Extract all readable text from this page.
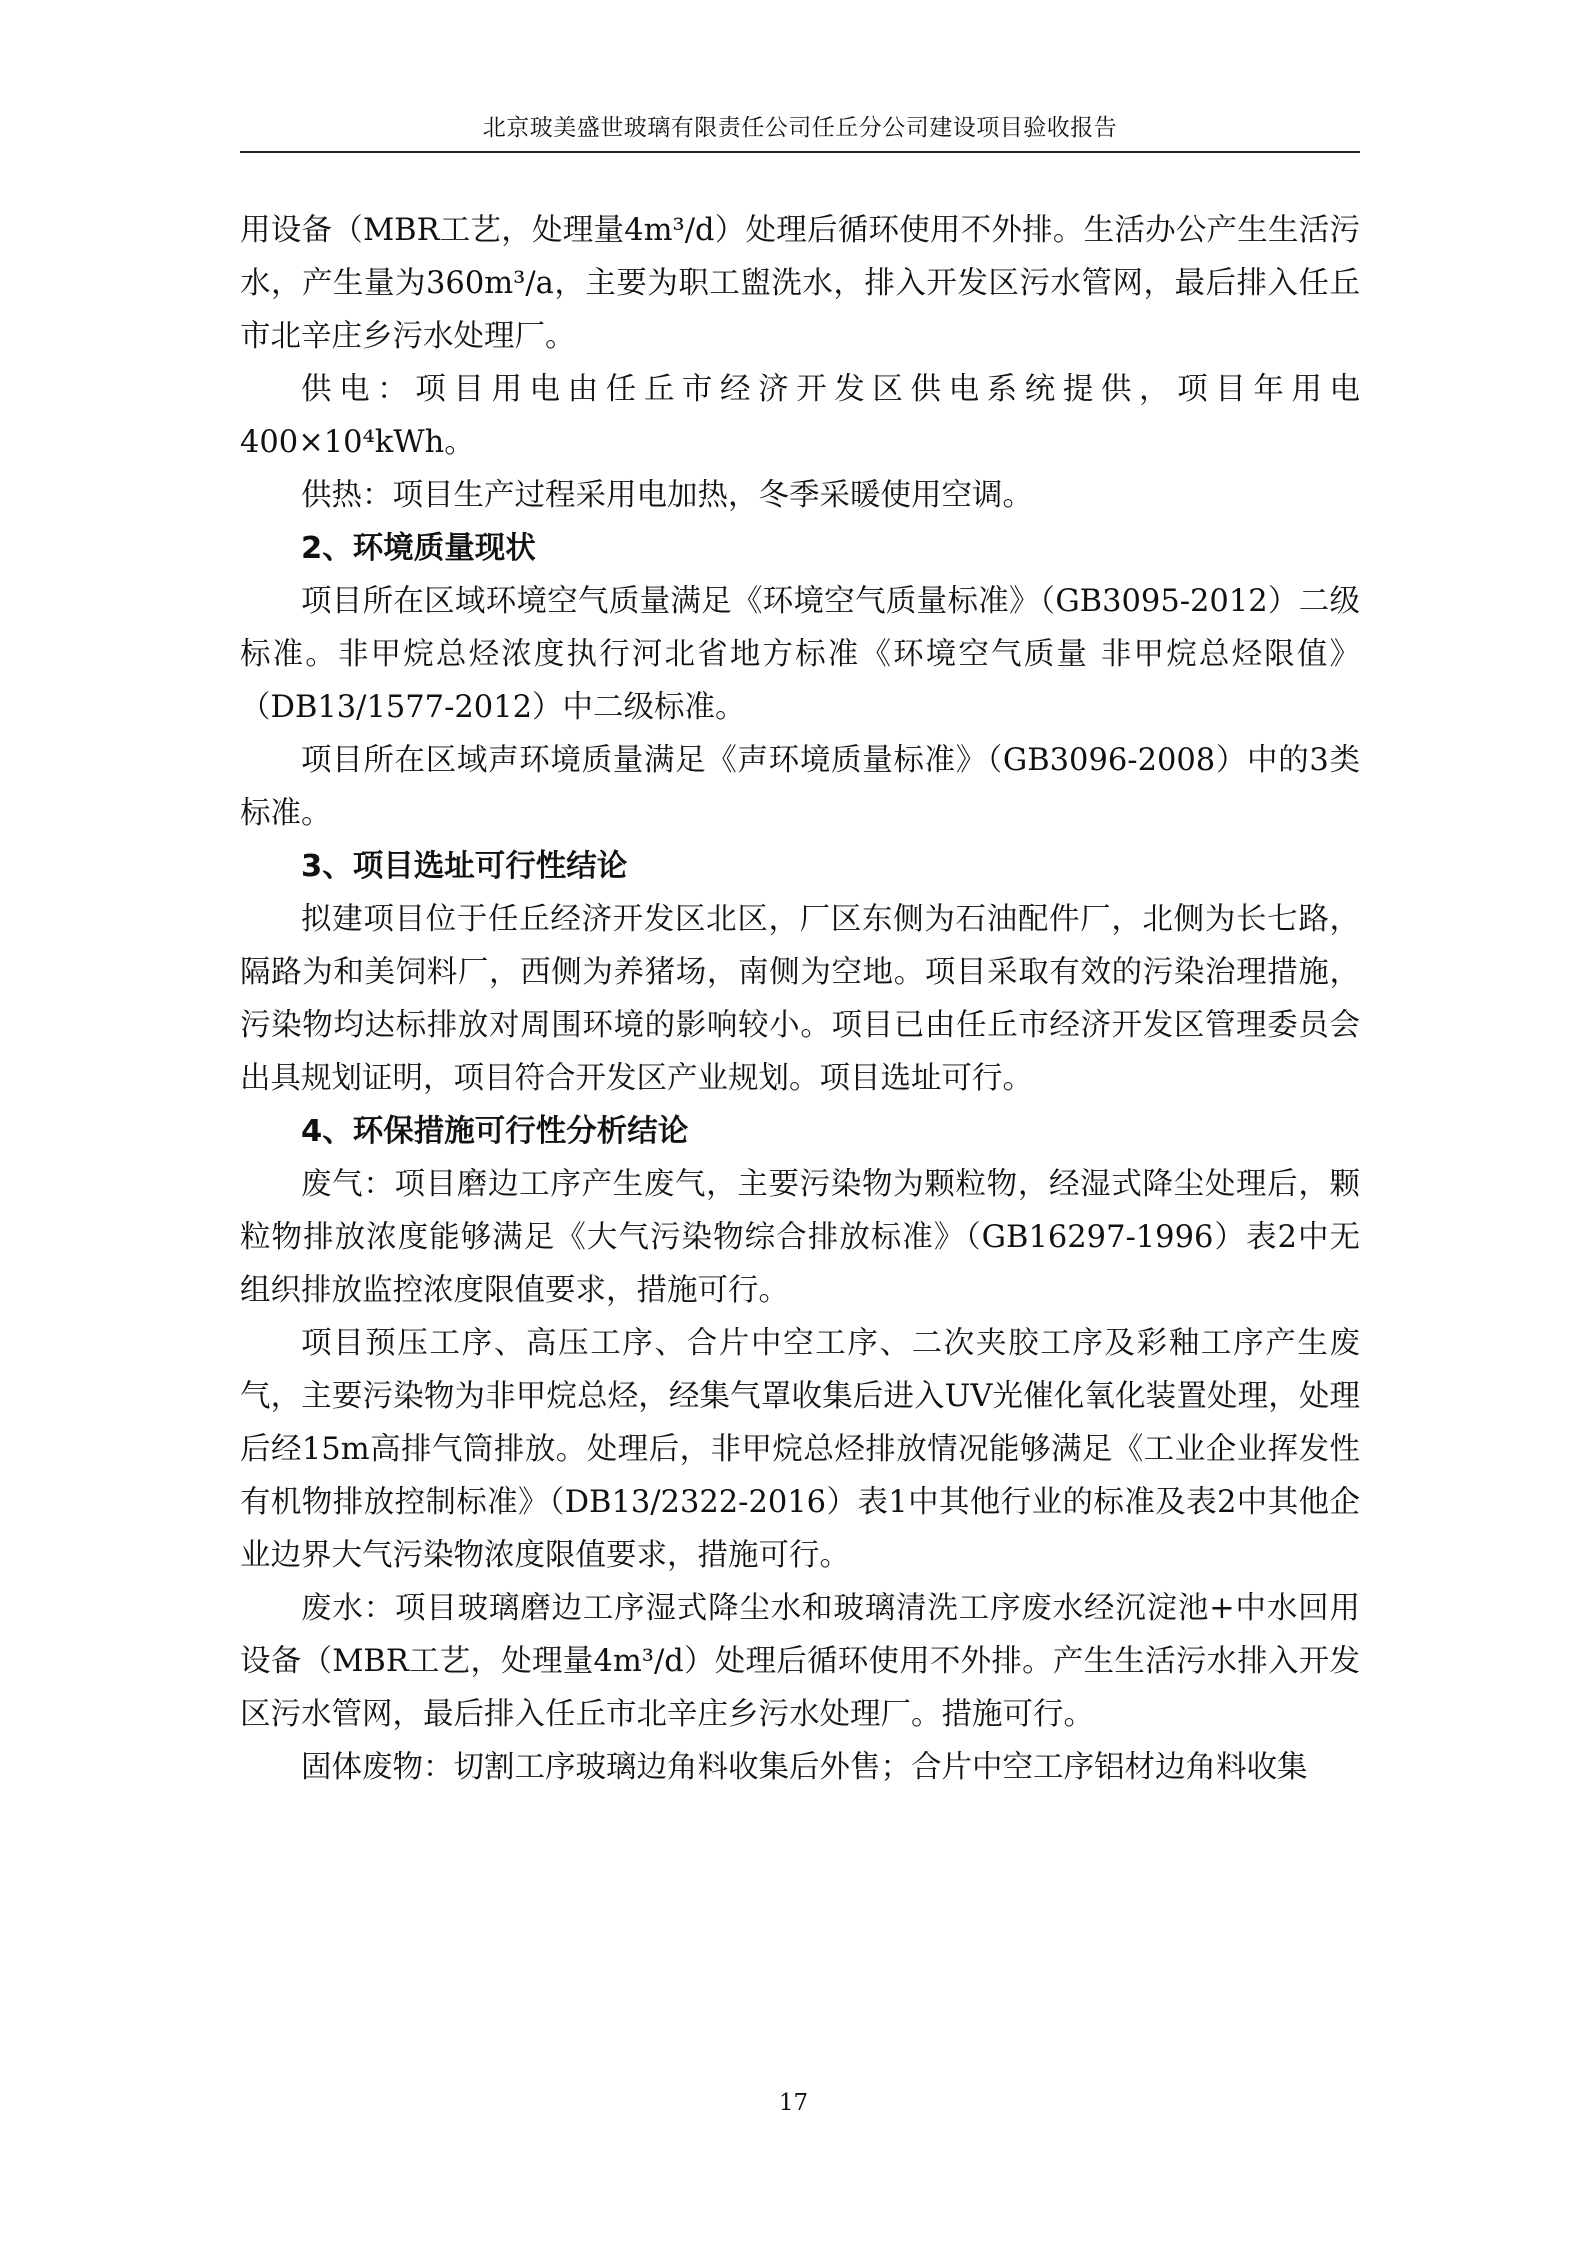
北京玻美盛世玻璃有限责任公司任丘分公司建设项目验收报告

用设备（MBR工艺，处理量4m³/d）处理后循环使用不外排。生活办公产生生活污水，产生量为360m³/a，主要为职工盥洗水，排入开发区污水管网，最后排入任丘市北辛庄乡污水处理厂。

供电：项目用电由任丘市经济开发区供电系统提供，项目年用电400×10⁴kWh。

供热：项目生产过程采用电加热，冬季采暖使用空调。

2、环境质量现状

项目所在区域环境空气质量满足《环境空气质量标准》（GB3095-2012）二级标准。非甲烷总烃浓度执行河北省地方标准《环境空气质量 非甲烷总烃限值》（DB13/1577-2012）中二级标准。

项目所在区域声环境质量满足《声环境质量标准》（GB3096-2008）中的3类标准。

3、项目选址可行性结论

拟建项目位于任丘经济开发区北区，厂区东侧为石油配件厂，北侧为长七路，隔路为和美饲料厂，西侧为养猪场，南侧为空地。项目采取有效的污染治理措施，污染物均达标排放对周围环境的影响较小。项目已由任丘市经济开发区管理委员会出具规划证明，项目符合开发区产业规划。项目选址可行。

4、环保措施可行性分析结论

废气：项目磨边工序产生废气，主要污染物为颗粒物，经湿式降尘处理后，颗粒物排放浓度能够满足《大气污染物综合排放标准》（GB16297-1996）表2中无组织排放监控浓度限值要求，措施可行。

项目预压工序、高压工序、合片中空工序、二次夹胶工序及彩釉工序产生废气，主要污染物为非甲烷总烃，经集气罩收集后进入UV光催化氧化装置处理，处理后经15m高排气筒排放。处理后，非甲烷总烃排放情况能够满足《工业企业挥发性有机物排放控制标准》（DB13/2322-2016）表1中其他行业的标准及表2中其他企业边界大气污染物浓度限值要求，措施可行。

废水：项目玻璃磨边工序湿式降尘水和玻璃清洗工序废水经沉淀池+中水回用设备（MBR工艺，处理量4m³/d）处理后循环使用不外排。产生生活污水排入开发区污水管网，最后排入任丘市北辛庄乡污水处理厂。措施可行。

固体废物：切割工序玻璃边角料收集后外售；合片中空工序铝材边角料收集

17
